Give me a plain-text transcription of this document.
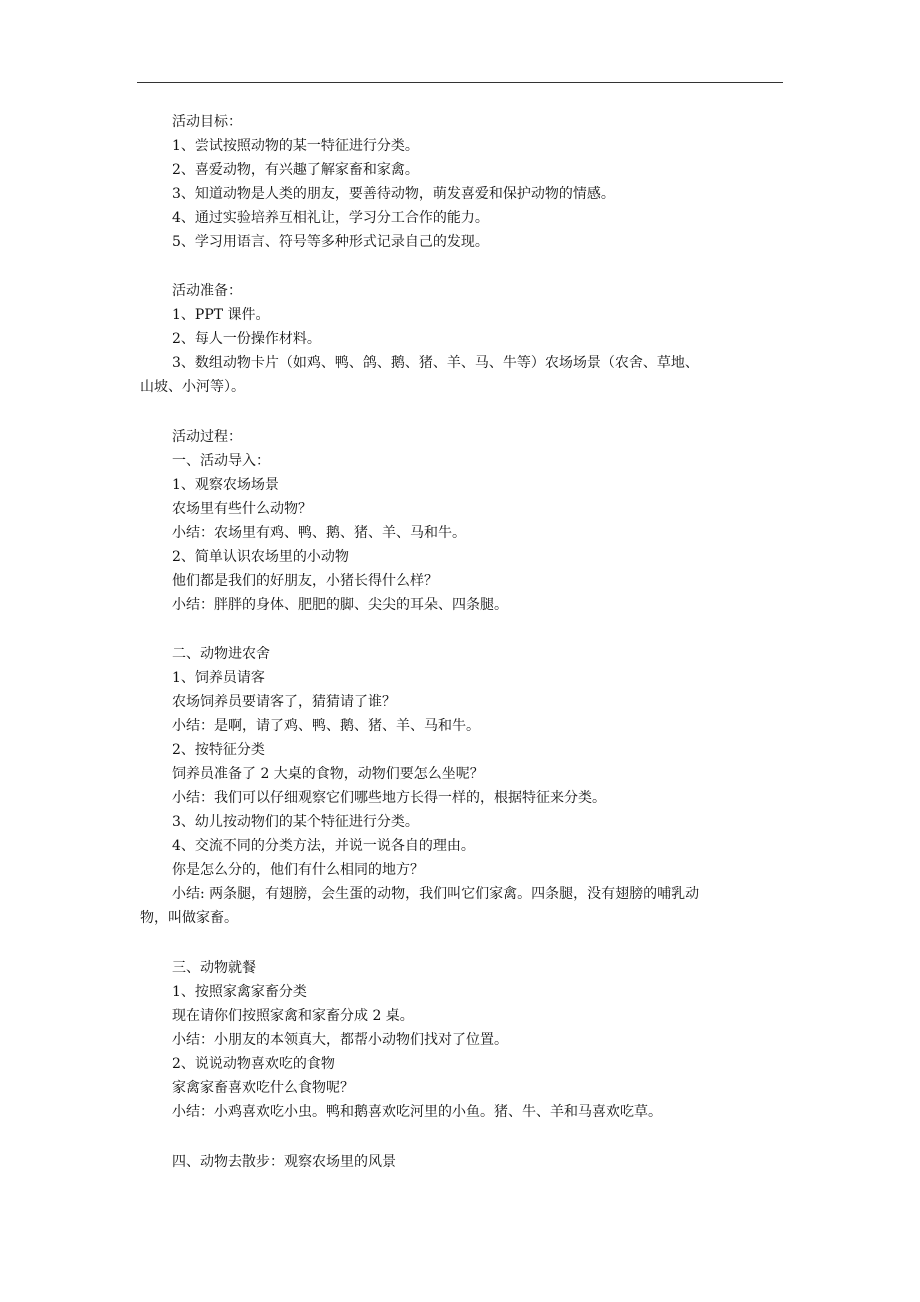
活动目标：
1、尝试按照动物的某一特征进行分类。
2、喜爱动物，有兴趣了解家畜和家禽。
3、知道动物是人类的朋友，要善待动物，萌发喜爱和保护动物的情感。
4、通过实验培养互相礼让，学习分工合作的能力。
5、学习用语言、符号等多种形式记录自己的发现。
活动准备：
1、PPT 课件。
2、每人一份操作材料。
3、数组动物卡片（如鸡、鸭、鸽、鹅、猪、羊、马、牛等）农场场景（农舍、草地、
山坡、小河等）。
活动过程：
一、活动导入：
1、观察农场场景
农场里有些什么动物？
小结：农场里有鸡、鸭、鹅、猪、羊、马和牛。
2、简单认识农场里的小动物
他们都是我们的好朋友，小猪长得什么样？
小结：胖胖的身体、肥肥的脚、尖尖的耳朵、四条腿。
二、动物进农舍
1、饲养员请客
农场饲养员要请客了，猜猜请了谁？
小结：是啊，请了鸡、鸭、鹅、猪、羊、马和牛。
2、按特征分类
饲养员准备了 2 大桌的食物，动物们要怎么坐呢？
小结：我们可以仔细观察它们哪些地方长得一样的，根据特征来分类。
3、幼儿按动物们的某个特征进行分类。
4、交流不同的分类方法，并说一说各自的理由。
你是怎么分的，他们有什么相同的地方？
小结: 两条腿，有翅膀，会生蛋的动物，我们叫它们家禽。四条腿，没有翅膀的哺乳动
物，叫做家畜。
三、动物就餐
1、按照家禽家畜分类
现在请你们按照家禽和家畜分成 2 桌。
小结：小朋友的本领真大，都帮小动物们找对了位置。
2、说说动物喜欢吃的食物
家禽家畜喜欢吃什么食物呢？
小结：小鸡喜欢吃小虫。鸭和鹅喜欢吃河里的小鱼。猪、牛、羊和马喜欢吃草。
四、动物去散步：观察农场里的风景
